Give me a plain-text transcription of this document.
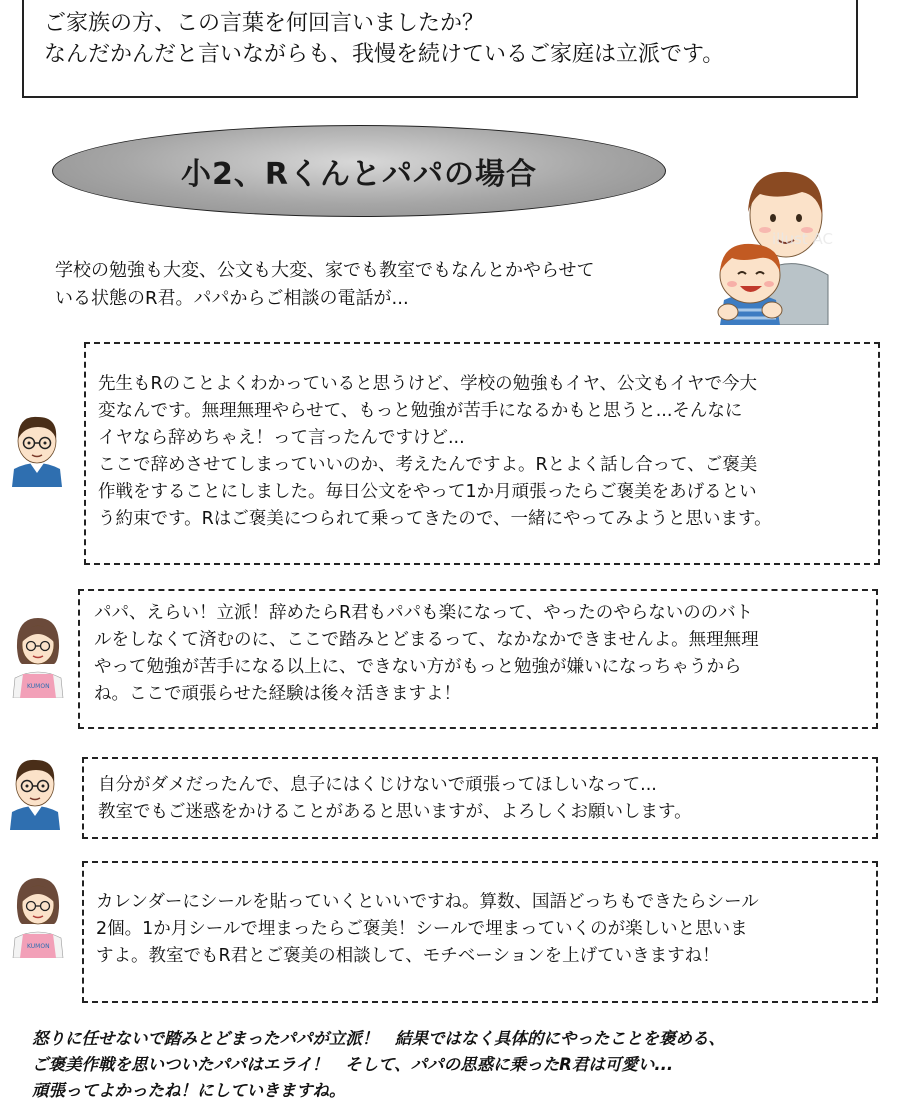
ご家族の方、この言葉を何回言いましたか？
なんだかんだと言いながらも、我慢を続けているご家庭は立派です。
小2、Rくんとパパの場合
illust AC
学校の勉強も大変、公文も大変、家でも教室でもなんとかやらせて
いる状態のR君。パパからご相談の電話が...
先生もRのことよくわかっていると思うけど、学校の勉強もイヤ、公文もイヤで今大
変なんです。無理無理やらせて、もっと勉強が苦手になるかもと思うと...そんなに
イヤなら辞めちゃえ！って言ったんですけど...
ここで辞めさせてしまっていいのか、考えたんですよ。Rとよく話し合って、ご褒美
作戦をすることにしました。毎日公文をやって1か月頑張ったらご褒美をあげるとい
う約束です。Rはご褒美につられて乗ってきたので、一緒にやってみようと思います。
KUMON
パパ、えらい！立派！辞めたらR君もパパも楽になって、やったのやらないののバト
ルをしなくて済むのに、ここで踏みとどまるって、なかなかできませんよ。無理無理
やって勉強が苦手になる以上に、できない方がもっと勉強が嫌いになっちゃうから
ね。ここで頑張らせた経験は後々活きますよ！
自分がダメだったんで、息子にはくじけないで頑張ってほしいなって...
教室でもご迷惑をかけることがあると思いますが、よろしくお願いします。
KUMON
カレンダーにシールを貼っていくといいですね。算数、国語どっちもできたらシール
2個。1か月シールで埋まったらご褒美！シールで埋まっていくのが楽しいと思いま
すよ。教室でもR君とご褒美の相談して、モチベーションを上げていきますね！
怒りに任せないで踏みとどまったパパが立派！　結果ではなく具体的にやったことを褒める、
ご褒美作戦を思いついたパパはエライ！　そして、パパの思惑に乗ったR君は可愛い...
頑張ってよかったね！にしていきますね。
